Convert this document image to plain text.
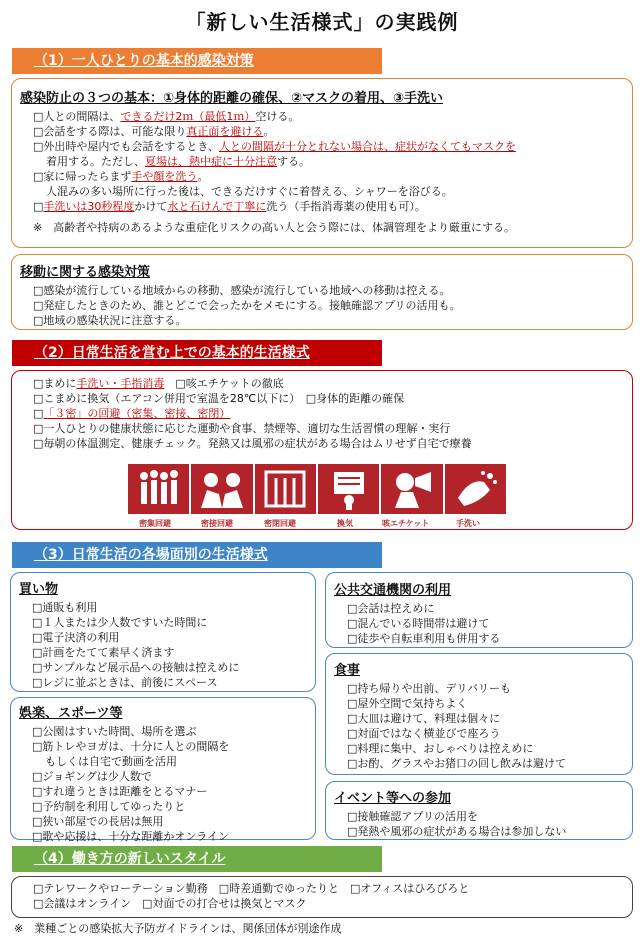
「新しい生活様式」の実践例
（1）一人ひとりの基本的感染対策
感染防止の３つの基本：①身体的距離の確保、②マスクの着用、③手洗い
□人との間隔は、できるだけ2ｍ（最低1ｍ）空ける。
□会話をする際は、可能な限り真正面を避ける。
□外出時や屋内でも会話をするとき、人との間隔が十分とれない場合は、症状がなくてもマスクを
着用する。ただし、夏場は、熱中症に十分注意する。
□家に帰ったらまず手や顔を洗う。
人混みの多い場所に行った後は、できるだけすぐに着替える、シャワーを浴びる。
□手洗いは30秒程度かけて水と石けんで丁寧に洗う（手指消毒薬の使用も可）。
※　高齢者や持病のあるような重症化リスクの高い人と会う際には、体調管理をより厳重にする。
移動に関する感染対策
□感染が流行している地域からの移動、感染が流行している地域への移動は控える。
□発症したときのため、誰とどこで会ったかをメモにする。接触確認アプリの活用も。
□地域の感染状況に注意する。
（2）日常生活を営む上での基本的生活様式
□まめに手洗い・手指消毒　 □咳エチケットの徹底
□こまめに換気（エアコン併用で室温を28℃以下に）　 □身体的距離の確保
□「３密」の回避（密集、密接、密閉）
□一人ひとりの健康状態に応じた運動や食事、禁煙等、適切な生活習慣の理解・実行
□毎朝の体温測定、健康チェック。発熱又は風邪の症状がある場合はムリせず自宅で療養
密集回避	密接回避	密閉回避	換気	咳エチケット	手洗い
（3）日常生活の各場面別の生活様式
買い物
□通販も利用
□１人または少人数ですいた時間に
□電子決済の利用
□計画をたてて素早く済ます
□サンプルなど展示品への接触は控えめに
□レジに並ぶときは、前後にスペース
娯楽、スポーツ等
□公園はすいた時間、場所を選ぶ
□筋トレやヨガは、十分に人との間隔を
もしくは自宅で動画を活用
□ジョギングは少人数で
□すれ違うときは距離をとるマナー
□予約制を利用してゆったりと
□狭い部屋での長居は無用
□歌や応援は、十分な距離かオンライン
公共交通機関の利用
□会話は控えめに
□混んでいる時間帯は避けて
□徒歩や自転車利用も併用する
食事
□持ち帰りや出前、デリバリーも
□屋外空間で気持ちよく
□大皿は避けて、料理は個々に
□対面ではなく横並びで座ろう
□料理に集中、おしゃべりは控えめに
□お酌、グラスやお猪口の回し飲みは避けて
イベント等への参加
□接触確認アプリの活用を
□発熱や風邪の症状がある場合は参加しない
（4）働き方の新しいスタイル
□テレワークやローテーション勤務　□時差通勤でゆったりと　□オフィスはひろびろと
□会議はオンライン　□対面での打合せは換気とマスク
※　業種ごとの感染拡大予防ガイドラインは、関係団体が別途作成
